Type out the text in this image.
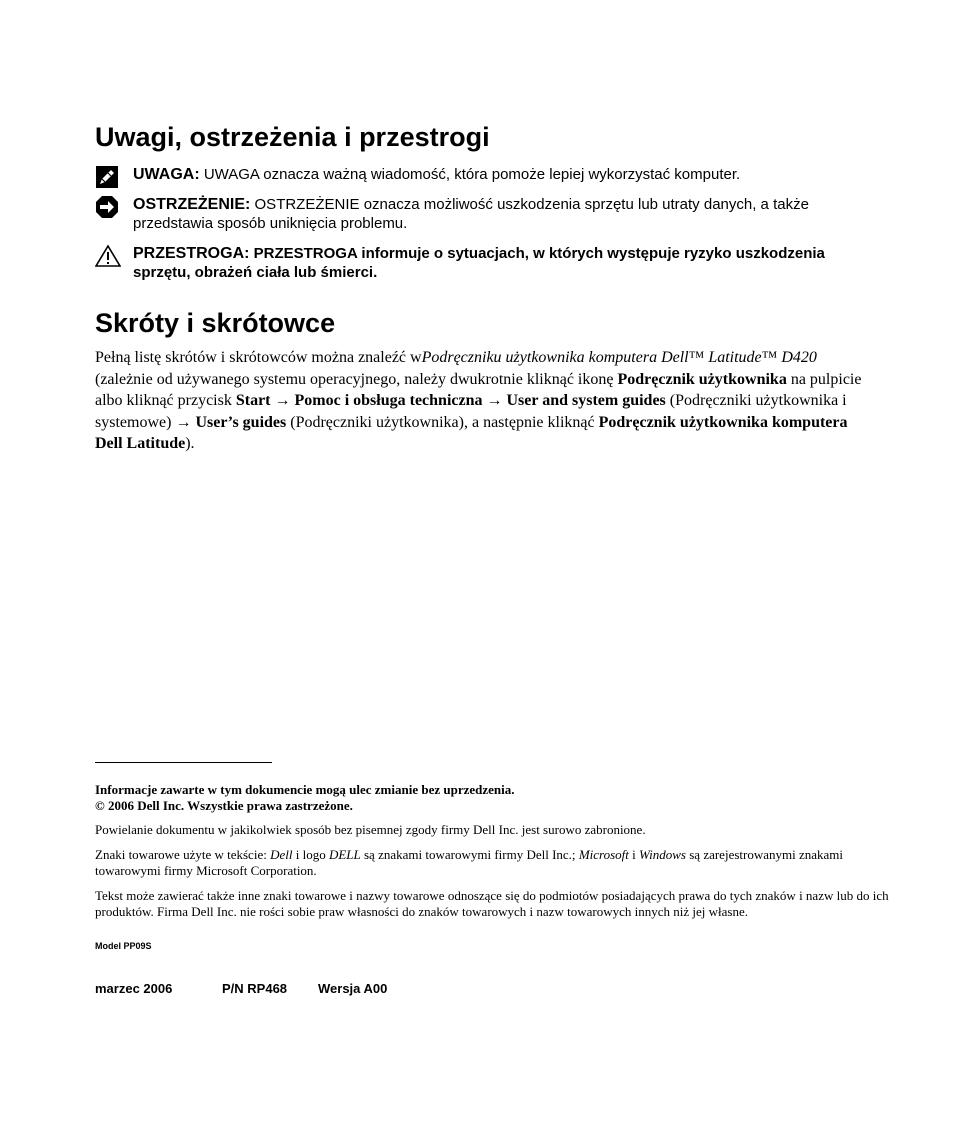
Uwagi, ostrzeżenia i przestrogi
UWAGA: UWAGA oznacza ważną wiadomość, która pomoże lepiej wykorzystać komputer.
OSTRZEŻENIE: OSTRZEŻENIE oznacza możliwość uszkodzenia sprzętu lub utraty danych, a także przedstawia sposób uniknięcia problemu.
PRZESTROGA: PRZESTROGA informuje o sytuacjach, w których występuje ryzyko uszkodzenia sprzętu, obrażeń ciała lub śmierci.
Skróty i skrótowce
Pełną listę skrótów i skrótowców można znaleźć wPodręczniku użytkownika komputera Dell™ Latitude™ D420 (zależnie od używanego systemu operacyjnego, należy dwukrotnie kliknąć ikonę Podręcznik użytkownika na pulpicie albo kliknąć przycisk Start → Pomoc i obsługa techniczna → User and system guides (Podręczniki użytkownika i systemowe) → User’s guides (Podręczniki użytkownika), a następnie kliknąć Podręcznik użytkownika komputera Dell Latitude).
Informacje zawarte w tym dokumencie mogą ulec zmianie bez uprzedzenia.
© 2006 Dell Inc. Wszystkie prawa zastrzeżone.
Powielanie dokumentu w jakikolwiek sposób bez pisemnej zgody firmy Dell Inc. jest surowo zabronione.
Znaki towarowe użyte w tekście: Dell i logo DELL są znakami towarowymi firmy Dell Inc.; Microsoft i Windows są zarejestrowanymi znakami towarowymi firmy Microsoft Corporation.
Tekst może zawierać także inne znaki towarowe i nazwy towarowe odnoszące się do podmiotów posiadających prawa do tych znaków i nazw lub do ich produktów. Firma Dell Inc. nie rości sobie praw własności do znaków towarowych i nazw towarowych innych niż jej własne.
Model PP09S
marzec 2006	P/N RP468 Wersja A00
